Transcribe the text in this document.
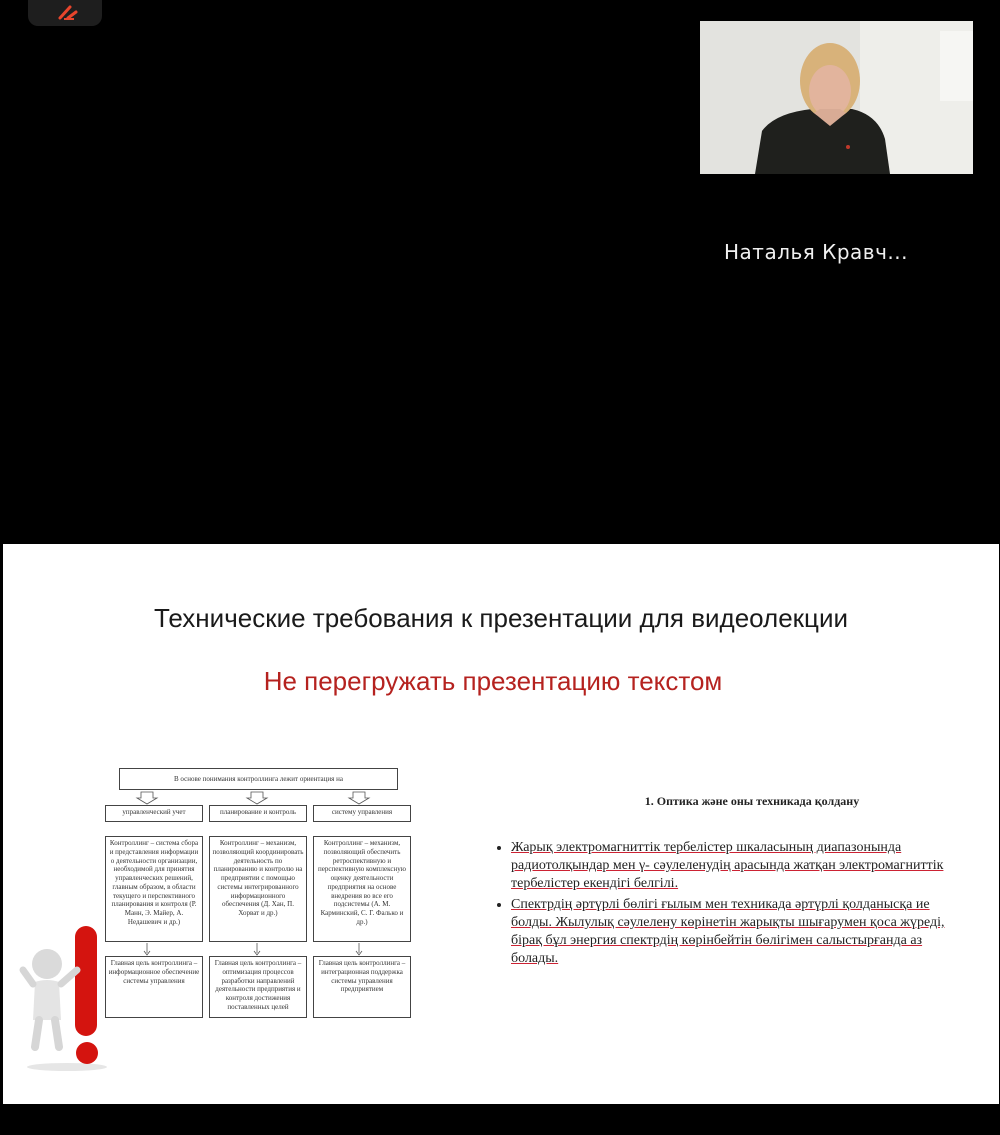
Наталья Кравч...
Технические требования к презентации для видеолекции
Не перегружать презентацию текстом
В основе понимания контроллинга лежит ориентация на
управленческий учет	планирование и контроль	систему управления
Контроллинг – система сбора и представления информации о деятельности организации, необходимой для принятия управленческих решений, главным образом, в области текущего и перспективного планирования и контроля (Р. Манн, Э. Майер, А. Недашевич и др.)
Контроллинг – механизм, позволяющий координировать деятельность по планированию и контролю на предприятии с помощью системы интегрированного информационного обеспечения (Д. Хан, П. Хорват и др.)
Контроллинг – механизм, позволяющий обеспечить ретроспективную и перспективную комплексную оценку деятельности предприятия на основе внедрения во все его подсистемы (А. М. Карминский, С. Г. Фалько и др.)
Главная цель контроллинга – информационное обеспечение системы управления
Главная цель контроллинга – оптимизация процессов разработки направлений деятельности предприятия и контроля достижения поставленных целей
Главная цель контроллинга – интеграционная поддержка системы управления предприятием
1. Оптика және оны техникада қолдану
• Жарық электромагниттік тербелістер шкаласының диапазонында радиотолқындар мен γ- сәулеленудің арасында жатқан электромагниттік тербелістер екендігі белгілі.
• Спектрдің әртүрлі бөлігі ғылым мен техникада әртүрлі қолданысқа ие болды. Жылулық сәулелену көрінетін жарықты шығарумен қоса жүреді, бірақ бұл энергия спектрдің көрінбейтін бөлігімен салыстырғанда аз болады.
